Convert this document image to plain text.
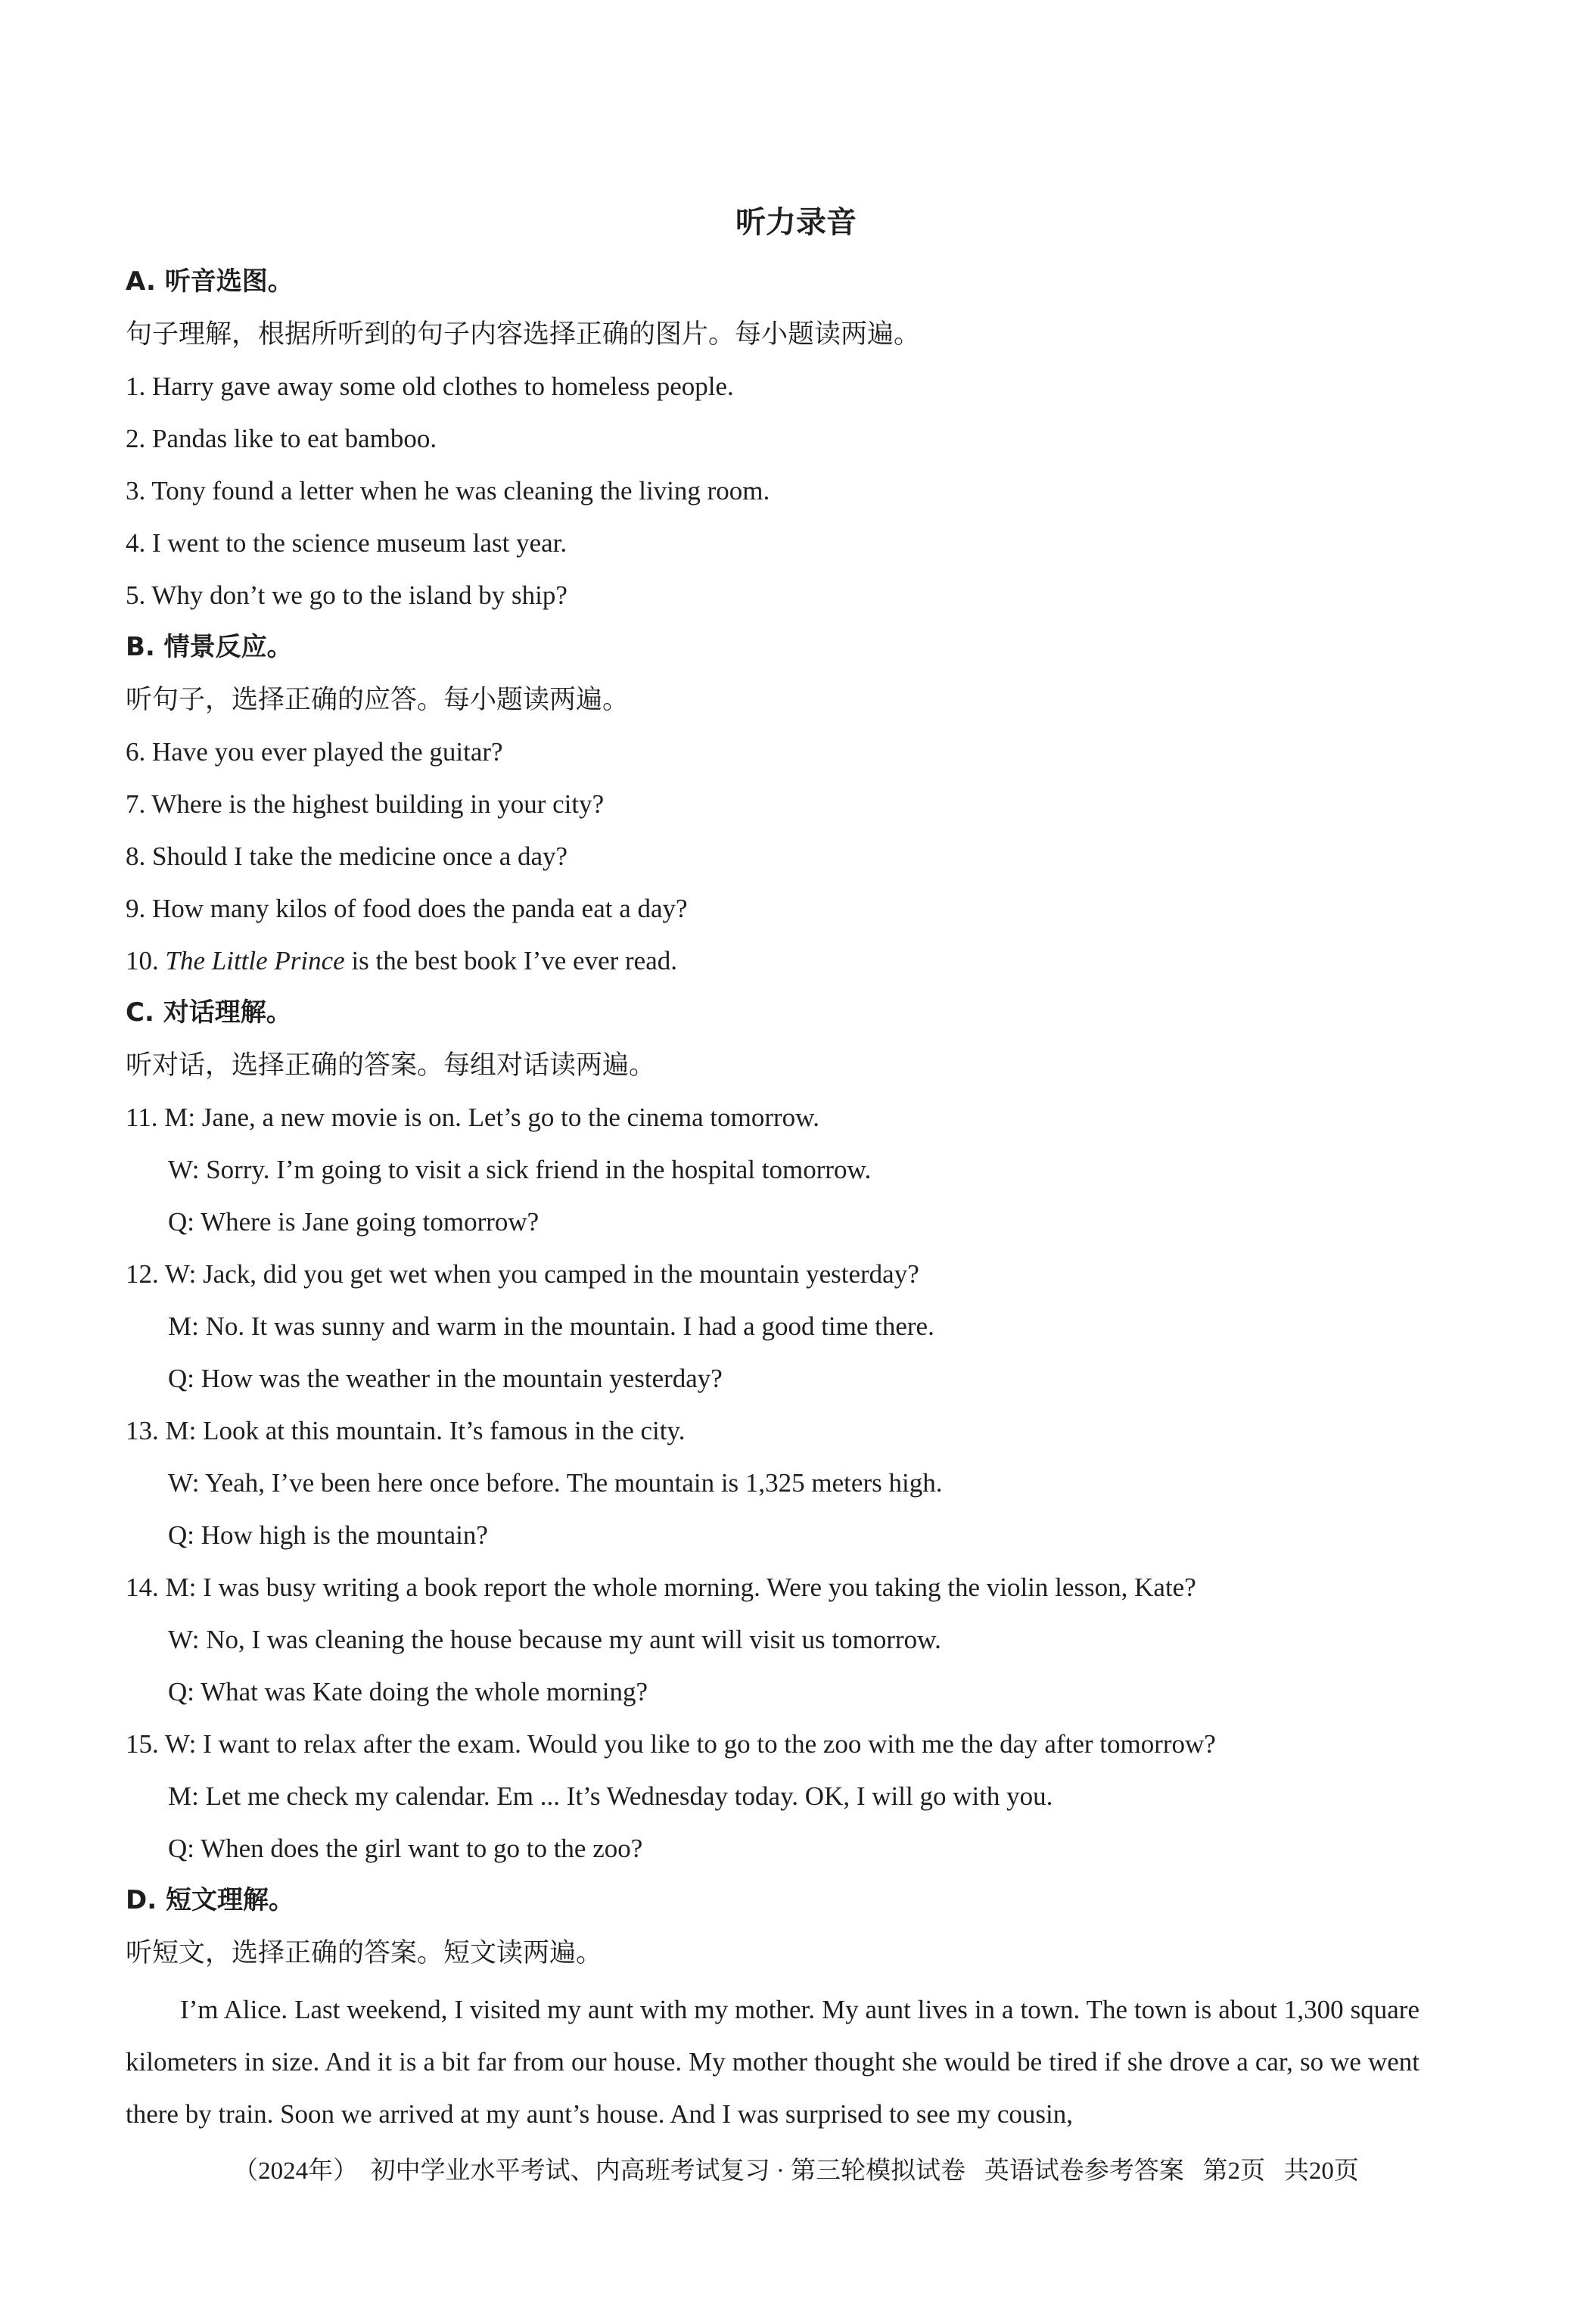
听力录音
A. 听音选图。
句子理解，根据所听到的句子内容选择正确的图片。每小题读两遍。
1. Harry gave away some old clothes to homeless people.
2. Pandas like to eat bamboo.
3. Tony found a letter when he was cleaning the living room.
4. I went to the science museum last year.
5. Why don’t we go to the island by ship?
B. 情景反应。
听句子，选择正确的应答。每小题读两遍。
6. Have you ever played the guitar?
7. Where is the highest building in your city?
8. Should I take the medicine once a day?
9. How many kilos of food does the panda eat a day?
10. The Little Prince is the best book I’ve ever read.
C. 对话理解。
听对话，选择正确的答案。每组对话读两遍。
11. M: Jane, a new movie is on. Let’s go to the cinema tomorrow.
W: Sorry. I’m going to visit a sick friend in the hospital tomorrow.
Q: Where is Jane going tomorrow?
12. W: Jack, did you get wet when you camped in the mountain yesterday?
M: No. It was sunny and warm in the mountain. I had a good time there.
Q: How was the weather in the mountain yesterday?
13. M: Look at this mountain. It’s famous in the city.
W: Yeah, I’ve been here once before. The mountain is 1,325 meters high.
Q: How high is the mountain?
14. M: I was busy writing a book report the whole morning. Were you taking the violin lesson, Kate?
W: No, I was cleaning the house because my aunt will visit us tomorrow.
Q: What was Kate doing the whole morning?
15. W: I want to relax after the exam. Would you like to go to the zoo with me the day after tomorrow?
M: Let me check my calendar. Em ... It’s Wednesday today. OK, I will go with you.
Q: When does the girl want to go to the zoo?
D. 短文理解。
听短文，选择正确的答案。短文读两遍。
I’m Alice. Last weekend, I visited my aunt with my mother. My aunt lives in a town. The town is about 1,300 square kilometers in size. And it is a bit far from our house. My mother thought she would be tired if she drove a car, so we went there by train. Soon we arrived at my aunt’s house. And I was surprised to see my cousin,
（2024年）  初中学业水平考试、内高班考试复习 · 第三轮模拟试卷   英语试卷参考答案   第2页   共20页
